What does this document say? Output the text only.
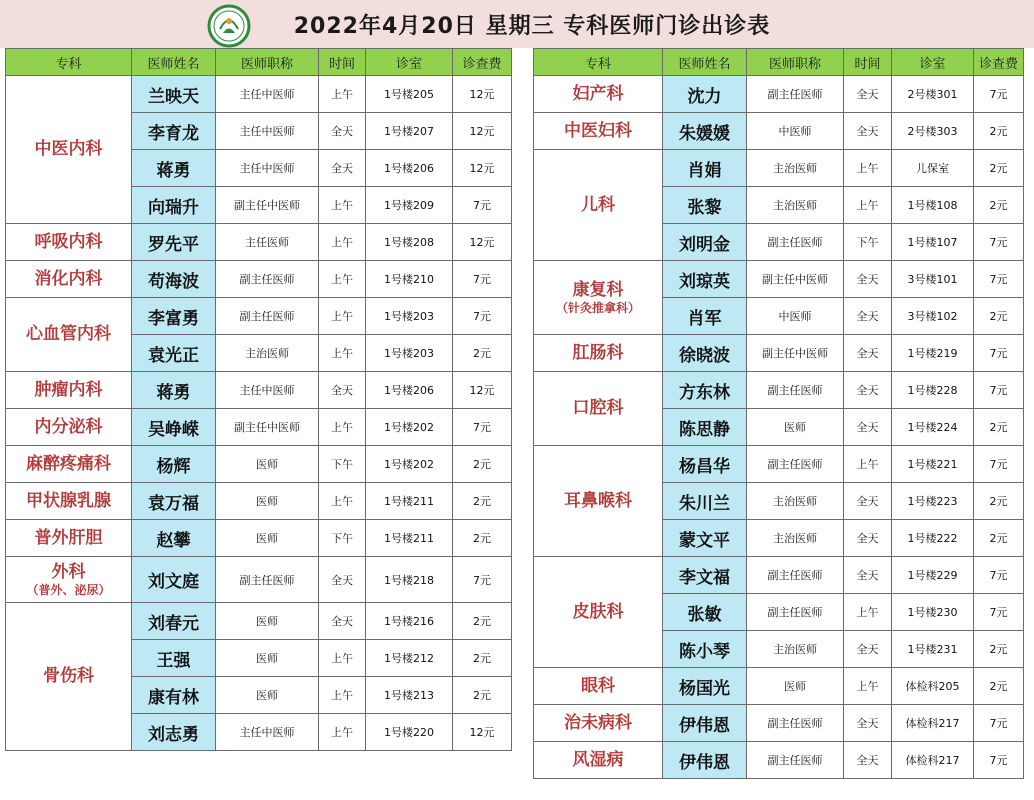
2022年4月20日 星期三 专科医师门诊出诊表
专科	医师姓名	医师职称	时间	诊室	诊查费
中医内科	兰映天	主任中医师	上午	1号楼205	12元
	李育龙	主任中医师	全天	1号楼207	12元
	蒋勇	主任中医师	全天	1号楼206	12元
	向瑞升	副主任中医师	上午	1号楼209	7元
呼吸内科	罗先平	主任医师	上午	1号楼208	12元
消化内科	苟海波	副主任医师	上午	1号楼210	7元
心血管内科	李富勇	副主任医师	上午	1号楼203	7元
	袁光正	主治医师	上午	1号楼203	2元
肿瘤内科	蒋勇	主任中医师	全天	1号楼206	12元
内分泌科	吴峥嵘	副主任中医师	上午	1号楼202	7元
麻醉疼痛科	杨辉	医师	下午	1号楼202	2元
甲状腺乳腺	袁万福	医师	上午	1号楼211	2元
普外肝胆	赵攀	医师	下午	1号楼211	2元
外科
（普外、泌尿）	刘文庭	副主任医师	全天	1号楼218	7元
骨伤科	刘春元	医师	全天	1号楼216	2元
	王强	医师	上午	1号楼212	2元
	康有林	医师	上午	1号楼213	2元
	刘志勇	主任中医师	上午	1号楼220	12元
专科	医师姓名	医师职称	时间	诊室	诊查费
妇产科	沈力	副主任医师	全天	2号楼301	7元
中医妇科	朱媛媛	中医师	全天	2号楼303	2元
儿科	肖娟	主治医师	上午	儿保室	2元
	张黎	主治医师	上午	1号楼108	2元
	刘明金	副主任医师	下午	1号楼107	7元
康复科
（针灸推拿科）	刘琼英	副主任中医师	全天	3号楼101	7元
	肖军	中医师	全天	3号楼102	2元
肛肠科	徐晓波	副主任中医师	全天	1号楼219	7元
口腔科	方东林	副主任医师	全天	1号楼228	7元
	陈思静	医师	全天	1号楼224	2元
耳鼻喉科	杨昌华	副主任医师	上午	1号楼221	7元
	朱川兰	主治医师	全天	1号楼223	2元
	蒙文平	主治医师	全天	1号楼222	2元
皮肤科	李文福	副主任医师	全天	1号楼229	7元
	张敏	副主任医师	上午	1号楼230	7元
	陈小琴	主治医师	全天	1号楼231	2元
眼科	杨国光	医师	上午	体检科205	2元
治未病科	伊伟恩	副主任医师	全天	体检科217	7元
风湿病	伊伟恩	副主任医师	全天	体检科217	7元
